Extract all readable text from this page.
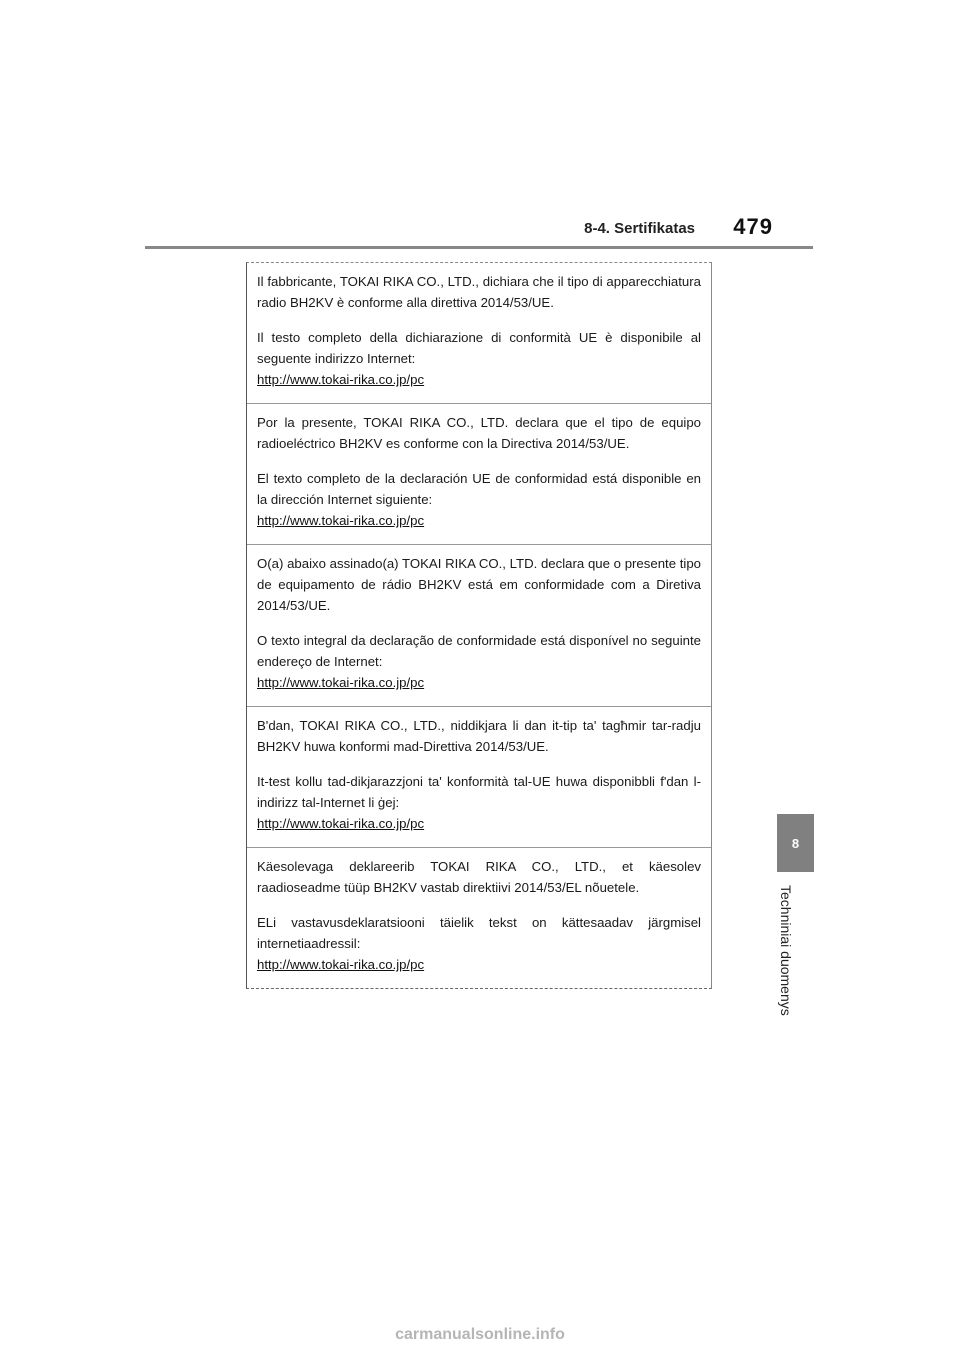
8-4. Sertifikatas 479
8
Techniniai duomenys

Il fabbricante, TOKAI RIKA CO., LTD., dichiara che il tipo di apparecchiatura radio BH2KV è conforme alla direttiva 2014/53/UE.

Il testo completo della dichiarazione di conformità UE è disponibile al seguente indirizzo Internet:

http://www.tokai-rika.co.jp/pc

Por la presente, TOKAI RIKA CO., LTD. declara que el tipo de equipo radioeléctrico BH2KV es conforme con la Directiva 2014/53/UE.

El texto completo de la declaración UE de conformidad está disponible en la dirección Internet siguiente:

http://www.tokai-rika.co.jp/pc

O(a) abaixo assinado(a) TOKAI RIKA CO., LTD. declara que o presente tipo de equipamento de rádio BH2KV está em conformidade com a Diretiva 2014/53/UE.

O texto integral da declaração de conformidade está disponível no seguinte endereço de Internet:

http://www.tokai-rika.co.jp/pc

B'dan, TOKAI RIKA CO., LTD., niddikjara li dan it-tip ta' tagħmir tar-radju BH2KV huwa konformi mad-Direttiva 2014/53/UE.

It-test kollu tad-dikjarazzjoni ta' konformità tal-UE huwa disponibbli f'dan l-indirizz tal-Internet li ġej:

http://www.tokai-rika.co.jp/pc

Käesolevaga deklareerib TOKAI RIKA CO., LTD., et käesolev raadioseadme tüüp BH2KV vastab direktiivi 2014/53/EL nõuetele.

ELi vastavusdeklaratsiooni täielik tekst on kättesaadav järgmisel internetiaadressil:

http://www.tokai-rika.co.jp/pc
carmanualsonline.info
